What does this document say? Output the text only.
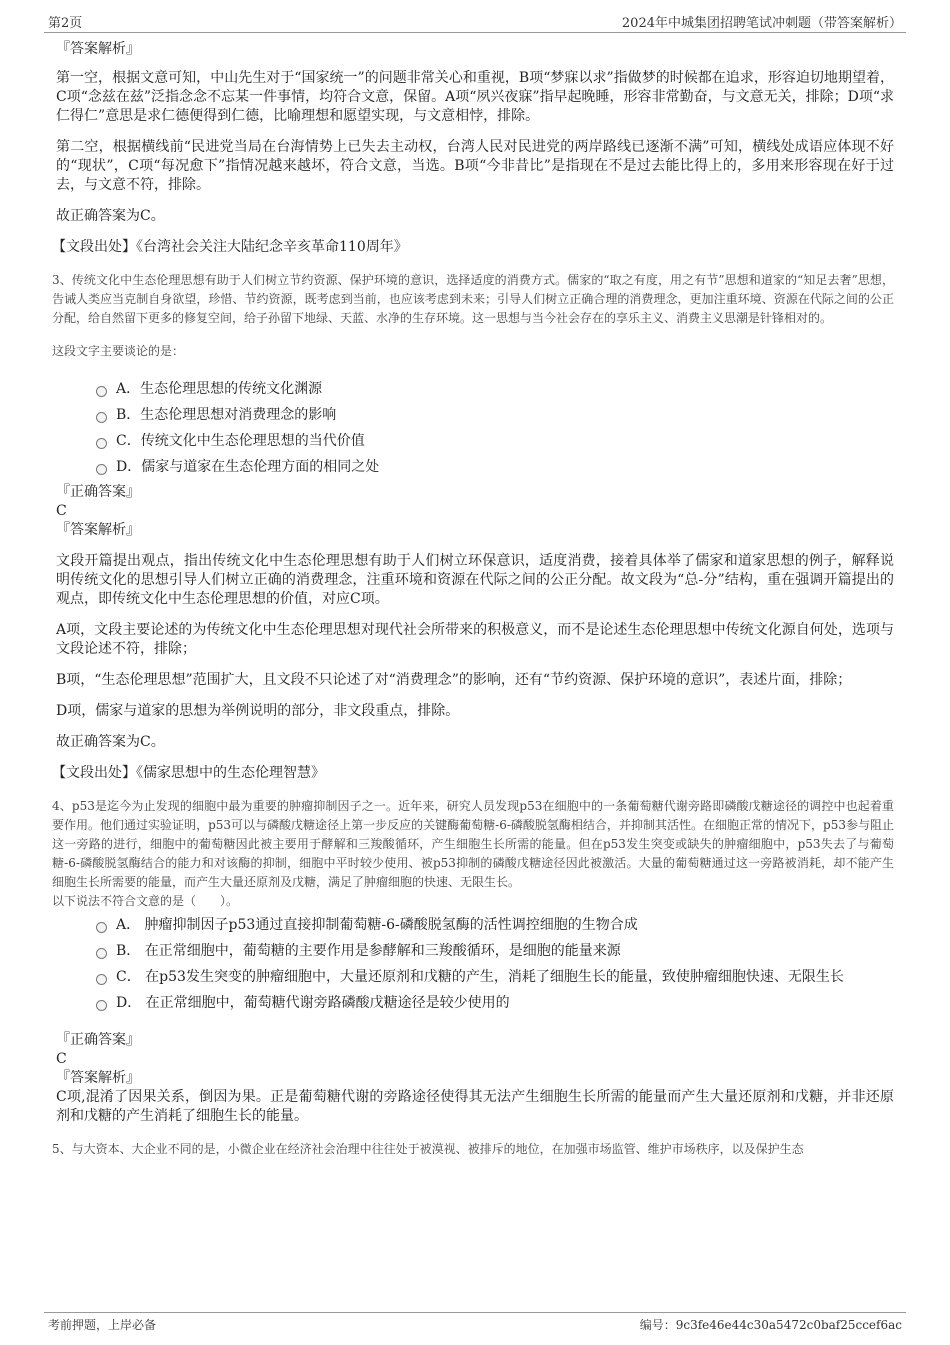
第2页	2024年中城集团招聘笔试冲刺题（带答案解析）

『答案解析』

第一空，根据文意可知，中山先生对于“国家统一”的问题非常关心和重视，B项“梦寐以求”指做梦的时候都在追求，形容迫切地期望着，C项“念兹在兹”泛指念念不忘某一件事情，均符合文意，保留。A项“夙兴夜寐”指早起晚睡，形容非常勤奋，与文意无关，排除；D项“求仁得仁”意思是求仁德便得到仁德，比喻理想和愿望实现，与文意相悖，排除。

第二空，根据横线前“民进党当局在台海情势上已失去主动权，台湾人民对民进党的两岸路线已逐渐不满”可知，横线处成语应体现不好的“现状”，C项“每况愈下”指情况越来越坏，符合文意，当选。B项“今非昔比”是指现在不是过去能比得上的，多用来形容现在好于过去，与文意不符，排除。

故正确答案为C。

【文段出处】《台湾社会关注大陆纪念辛亥革命110周年》

3、传统文化中生态伦理思想有助于人们树立节约资源、保护环境的意识，选择适度的消费方式。儒家的“取之有度，用之有节”思想和道家的“知足去奢”思想，告诫人类应当克制自身欲望，珍惜、节约资源，既考虑到当前，也应该考虑到未来；引导人们树立正确合理的消费理念，更加注重环境、资源在代际之间的公正分配，给自然留下更多的修复空间，给子孙留下地绿、天蓝、水净的生存环境。这一思想与当今社会存在的享乐主义、消费主义思潮是针锋相对的。

这段文字主要谈论的是：

A．生态伦理思想的传统文化渊源
B．生态伦理思想对消费理念的影响
C．传统文化中生态伦理思想的当代价值
D．儒家与道家在生态伦理方面的相同之处

『正确答案』

C

『答案解析』

文段开篇提出观点，指出传统文化中生态伦理思想有助于人们树立环保意识，适度消费，接着具体举了儒家和道家思想的例子，解释说明传统文化的思想引导人们树立正确的消费理念，注重环境和资源在代际之间的公正分配。故文段为“总-分”结构，重在强调开篇提出的观点，即传统文化中生态伦理思想的价值，对应C项。

A项，文段主要论述的为传统文化中生态伦理思想对现代社会所带来的积极意义，而不是论述生态伦理思想中传统文化源自何处，选项与文段论述不符，排除；

B项，“生态伦理思想”范围扩大，且文段不只论述了对“消费理念”的影响，还有“节约资源、保护环境的意识”，表述片面，排除；

D项，儒家与道家的思想为举例说明的部分，非文段重点，排除。

故正确答案为C。

【文段出处】《儒家思想中的生态伦理智慧》

4、p53是迄今为止发现的细胞中最为重要的肿瘤抑制因子之一。近年来，研究人员发现p53在细胞中的一条葡萄糖代谢旁路即磷酸戊糖途径的调控中也起着重要作用。他们通过实验证明，p53可以与磷酸戊糖途径上第一步反应的关键酶葡萄糖-6-磷酸脱氢酶相结合，并抑制其活性。在细胞正常的情况下，p53参与阻止这一旁路的进行，细胞中的葡萄糖因此被主要用于酵解和三羧酸循环，产生细胞生长所需的能量。但在p53发生突变或缺失的肿瘤细胞中，p53失去了与葡萄糖-6-磷酸脱氢酶结合的能力和对该酶的抑制，细胞中平时较少使用、被p53抑制的磷酸戊糖途径因此被激活。大量的葡萄糖通过这一旁路被消耗，却不能产生细胞生长所需要的能量，而产生大量还原剂及戊糖，满足了肿瘤细胞的快速、无限生长。

以下说法不符合文意的是（　　）。

A． 肿瘤抑制因子p53通过直接抑制葡萄糖-6-磷酸脱氢酶的活性调控细胞的生物合成
B． 在正常细胞中，葡萄糖的主要作用是参酵解和三羧酸循环，是细胞的能量来源
C． 在p53发生突变的肿瘤细胞中，大量还原剂和戊糖的产生，消耗了细胞生长的能量，致使肿瘤细胞快速、无限生长
D． 在正常细胞中，葡萄糖代谢旁路磷酸戊糖途径是较少使用的

『正确答案』

C

『答案解析』

C项,混淆了因果关系，倒因为果。正是葡萄糖代谢的旁路途径使得其无法产生细胞生长所需的能量而产生大量还原剂和戊糖，并非还原剂和戊糖的产生消耗了细胞生长的能量。

5、与大资本、大企业不同的是，小微企业在经济社会治理中往往处于被漠视、被排斥的地位，在加强市场监管、维护市场秩序，以及保护生态

考前押题，上岸必备	编号：9c3fe46e44c30a5472c0baf25ccef6ac
